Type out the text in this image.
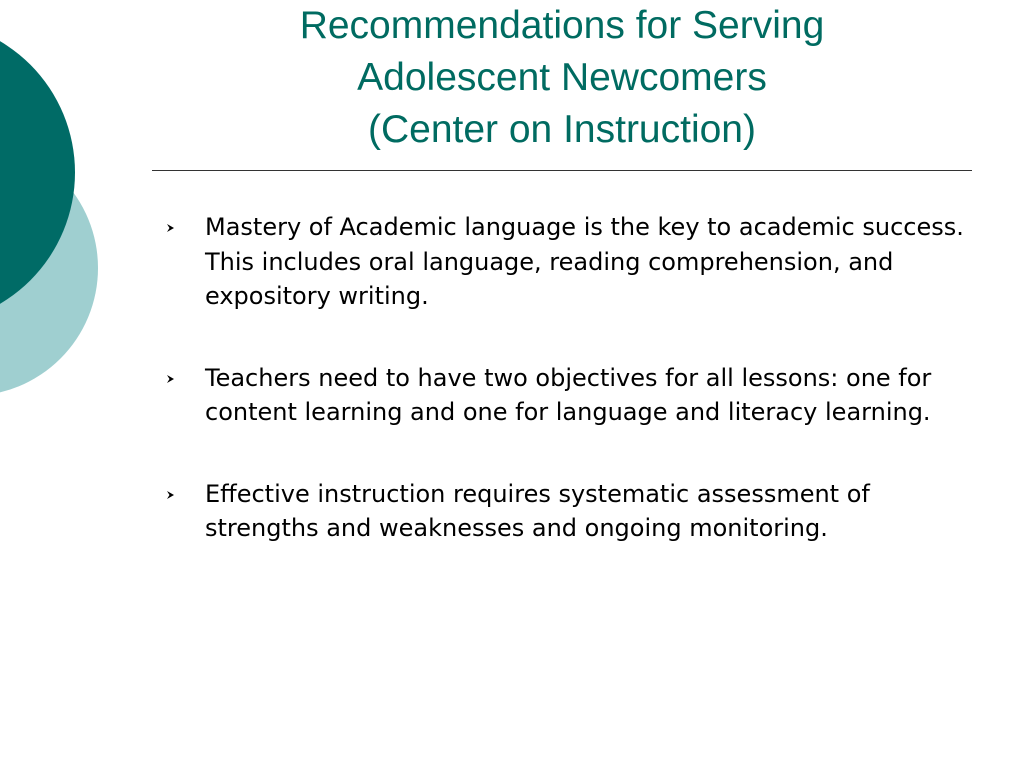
Recommendations for Serving
Adolescent Newcomers
(Center on Instruction)
Mastery of Academic language is the key to academic success. This includes oral language, reading comprehension, and expository writing.
Teachers need to have two objectives for all lessons: one for content learning and one for language and literacy learning.
Effective instruction requires systematic assessment of strengths and weaknesses and ongoing monitoring.
